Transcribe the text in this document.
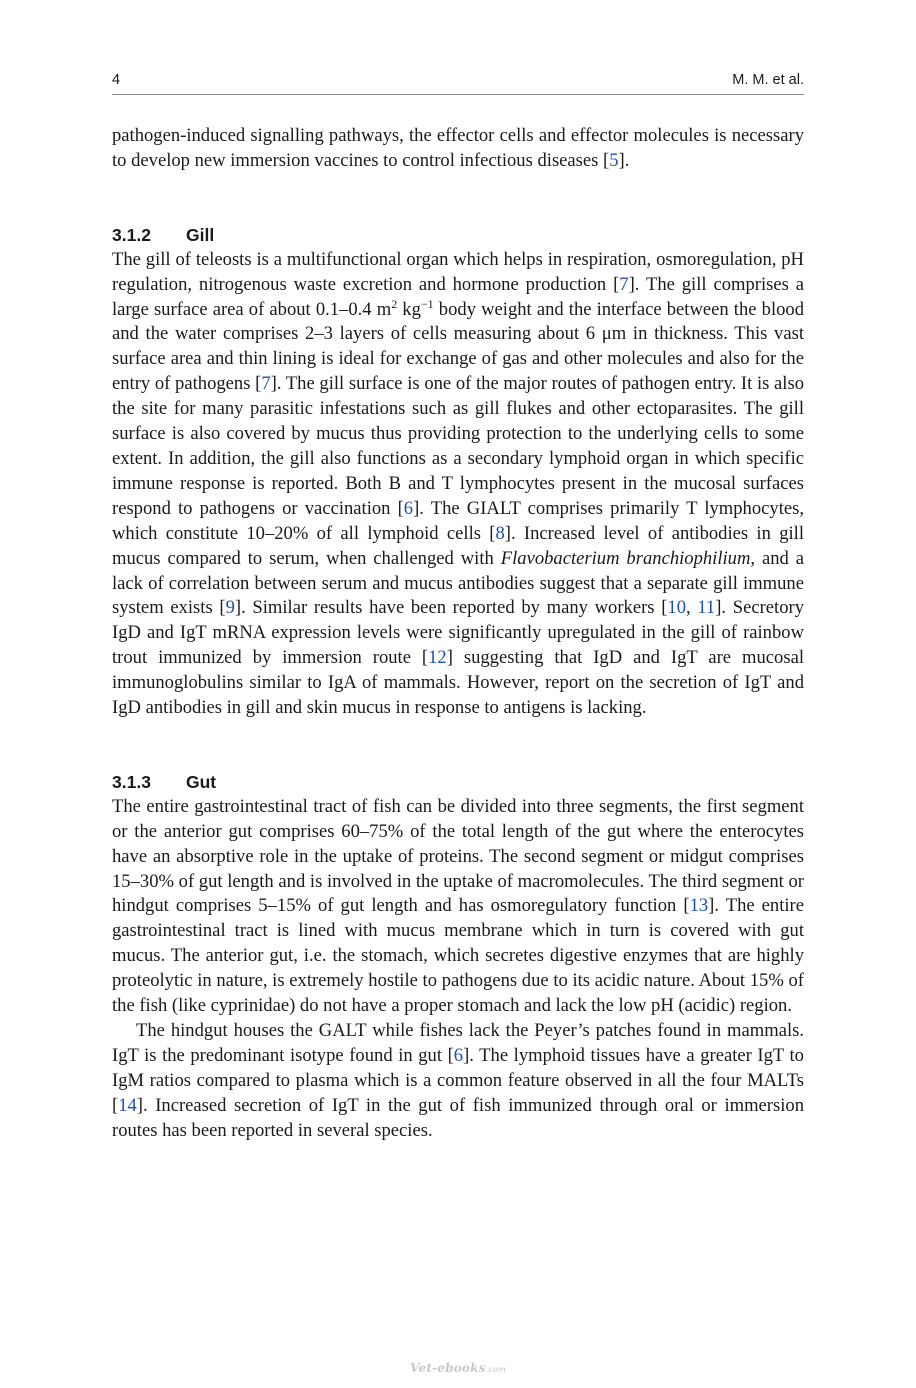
4	M. M. et al.

pathogen-induced signalling pathways, the effector cells and effector molecules is necessary to develop new immersion vaccines to control infectious diseases [5].

3.1.2 Gill

The gill of teleosts is a multifunctional organ which helps in respiration, osmoregulation, pH regulation, nitrogenous waste excretion and hormone production [7]. The gill comprises a large surface area of about 0.1–0.4 $m^2$ $kg^{-1}$ body weight and the interface between the blood and the water comprises 2–3 layers of cells measuring about 6 μm in thickness. This vast surface area and thin lining is ideal for exchange of gas and other molecules and also for the entry of pathogens [7]. The gill surface is one of the major routes of pathogen entry. It is also the site for many parasitic infestations such as gill flukes and other ectoparasites. The gill surface is also covered by mucus thus providing protection to the underlying cells to some extent. In addition, the gill also functions as a secondary lymphoid organ in which specific immune response is reported. Both B and T lymphocytes present in the mucosal surfaces respond to pathogens or vaccination [6]. The GIALT comprises primarily T lymphocytes, which constitute 10–20% of all lymphoid cells [8]. Increased level of antibodies in gill mucus compared to serum, when challenged with Flavobacterium branchiophilium, and a lack of correlation between serum and mucus antibodies suggest that a separate gill immune system exists [9]. Similar results have been reported by many workers [10, 11]. Secretory IgD and IgT mRNA expression levels were significantly upregulated in the gill of rainbow trout immunized by immersion route [12] suggesting that IgD and IgT are mucosal immunoglobulins similar to IgA of mammals. However, report on the secretion of IgT and IgD antibodies in gill and skin mucus in response to antigens is lacking.

3.1.3 Gut

The entire gastrointestinal tract of fish can be divided into three segments, the first segment or the anterior gut comprises 60–75% of the total length of the gut where the enterocytes have an absorptive role in the uptake of proteins. The second segment or midgut comprises 15–30% of gut length and is involved in the uptake of macromolecules. The third segment or hindgut comprises 5–15% of gut length and has osmoregulatory function [13]. The entire gastrointestinal tract is lined with mucus membrane which in turn is covered with gut mucus. The anterior gut, i.e. the stomach, which secretes digestive enzymes that are highly proteolytic in nature, is extremely hostile to pathogens due to its acidic nature. About 15% of the fish (like cyprinidae) do not have a proper stomach and lack the low pH (acidic) region.

The hindgut houses the GALT while fishes lack the Peyer’s patches found in mammals. IgT is the predominant isotype found in gut [6]. The lymphoid tissues have a greater IgT to IgM ratios compared to plasma which is a common feature observed in all the four MALTs [14]. Increased secretion of IgT in the gut of fish immunized through oral or immersion routes has been reported in several species.

Vet-ebooks.com
